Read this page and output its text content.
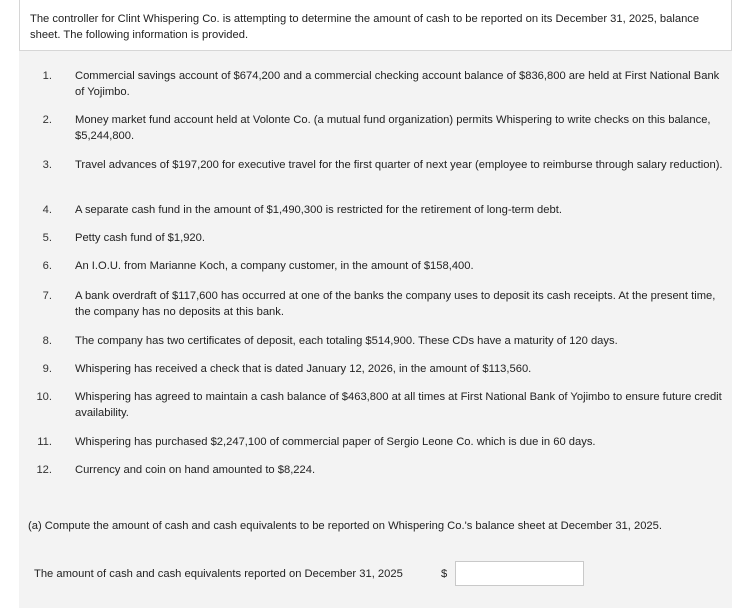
The controller for Clint Whispering Co. is attempting to determine the amount of cash to be reported on its December 31, 2025, balance sheet. The following information is provided.

1. Commercial savings account of $674,200 and a commercial checking account balance of $836,800 are held at First National Bank of Yojimbo.
2. Money market fund account held at Volonte Co. (a mutual fund organization) permits Whispering to write checks on this balance, $5,244,800.
3. Travel advances of $197,200 for executive travel for the first quarter of next year (employee to reimburse through salary reduction).
4. A separate cash fund in the amount of $1,490,300 is restricted for the retirement of long-term debt.
5. Petty cash fund of $1,920.
6. An I.O.U. from Marianne Koch, a company customer, in the amount of $158,400.
7. A bank overdraft of $117,600 has occurred at one of the banks the company uses to deposit its cash receipts. At the present time, the company has no deposits at this bank.
8. The company has two certificates of deposit, each totaling $514,900. These CDs have a maturity of 120 days.
9. Whispering has received a check that is dated January 12, 2026, in the amount of $113,560.
10. Whispering has agreed to maintain a cash balance of $463,800 at all times at First National Bank of Yojimbo to ensure future credit availability.
11. Whispering has purchased $2,247,100 of commercial paper of Sergio Leone Co. which is due in 60 days.
12. Currency and coin on hand amounted to $8,224.
(a) Compute the amount of cash and cash equivalents to be reported on Whispering Co.'s balance sheet at December 31, 2025.
The amount of cash and cash equivalents reported on December 31, 2025	$
